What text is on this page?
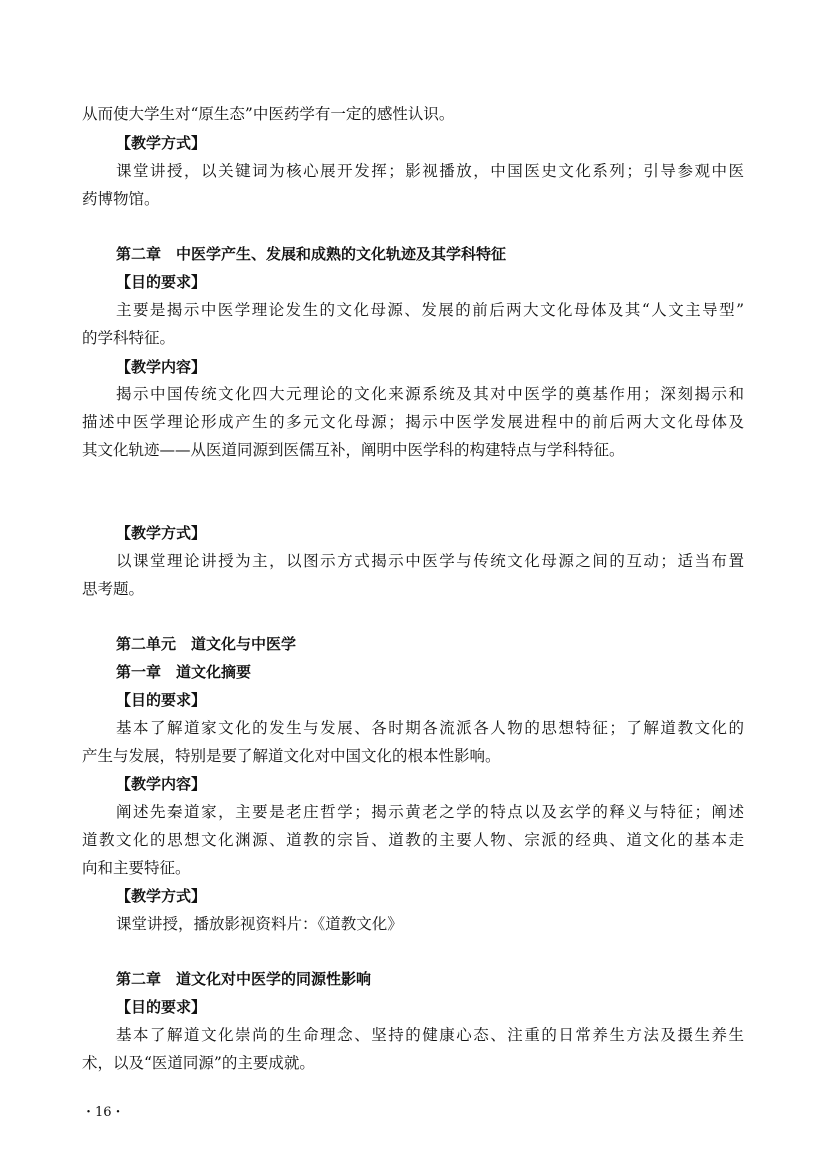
从而使大学生对“原生态”中医药学有一定的感性认识。
【教学方式】
课堂讲授，以关键词为核心展开发挥；影视播放，中国医史文化系列；引导参观中医
药博物馆。
第二章　中医学产生、发展和成熟的文化轨迹及其学科特征
【目的要求】
主要是揭示中医学理论发生的文化母源、发展的前后两大文化母体及其“人文主导型”
的学科特征。
【教学内容】
揭示中国传统文化四大元理论的文化来源系统及其对中医学的奠基作用；深刻揭示和
描述中医学理论形成产生的多元文化母源；揭示中医学发展进程中的前后两大文化母体及
其文化轨迹——从医道同源到医儒互补，阐明中医学科的构建特点与学科特征。
【教学方式】
以课堂理论讲授为主，以图示方式揭示中医学与传统文化母源之间的互动；适当布置
思考题。
第二单元　道文化与中医学
第一章　道文化摘要
【目的要求】
基本了解道家文化的发生与发展、各时期各流派各人物的思想特征；了解道教文化的
产生与发展，特别是要了解道文化对中国文化的根本性影响。
【教学内容】
阐述先秦道家，主要是老庄哲学；揭示黄老之学的特点以及玄学的释义与特征；阐述
道教文化的思想文化渊源、道教的宗旨、道教的主要人物、宗派的经典、道文化的基本走
向和主要特征。
【教学方式】
课堂讲授，播放影视资料片：《道教文化》
第二章　道文化对中医学的同源性影响
【目的要求】
基本了解道文化崇尚的生命理念、坚持的健康心态、注重的日常养生方法及摄生养生
术，以及“医道同源”的主要成就。
・16・
